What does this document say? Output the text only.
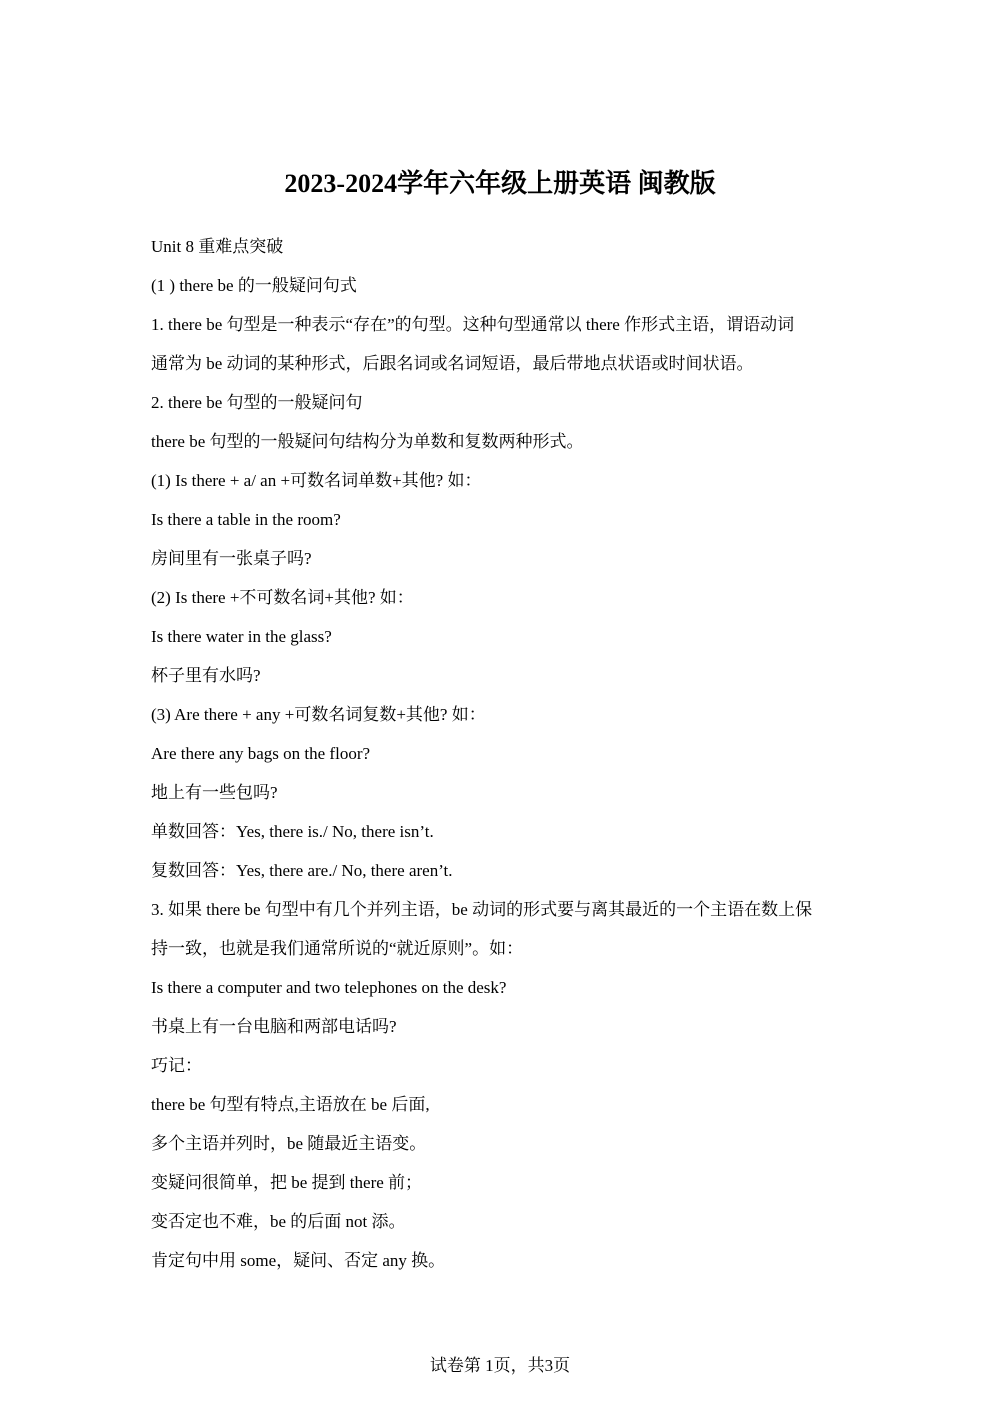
2023-2024学年六年级上册英语 闽教版

Unit 8 重难点突破

(1 ) there be 的一般疑问句式

1. there be 句型是一种表示“存在”的句型。这种句型通常以 there 作形式主语，谓语动词

通常为 be 动词的某种形式，后跟名词或名词短语，最后带地点状语或时间状语。

2. there be 句型的一般疑问句

there be 句型的一般疑问句结构分为单数和复数两种形式。

(1) Is there + a/ an +可数名词单数+其他? 如：

Is there a table in the room?

房间里有一张桌子吗?

(2) Is there +不可数名词+其他? 如：

Is there water in the glass?

杯子里有水吗?

(3) Are there + any +可数名词复数+其他? 如：

Are there any bags on the floor?

地上有一些包吗?

单数回答：Yes, there is./ No, there isn’t.

复数回答：Yes, there are./ No, there aren’t.

3. 如果 there be 句型中有几个并列主语，be 动词的形式要与离其最近的一个主语在数上保

持一致，也就是我们通常所说的“就近原则”。如：

Is there a computer and two telephones on the desk?

书桌上有一台电脑和两部电话吗?

巧记：

there be 句型有特点,主语放在 be 后面,

多个主语并列时，be 随最近主语变。

变疑问很简单，把 be 提到 there 前；

变否定也不难，be 的后面 not 添。

肯定句中用 some，疑问、否定 any 换。

试卷第 1页，共3页
